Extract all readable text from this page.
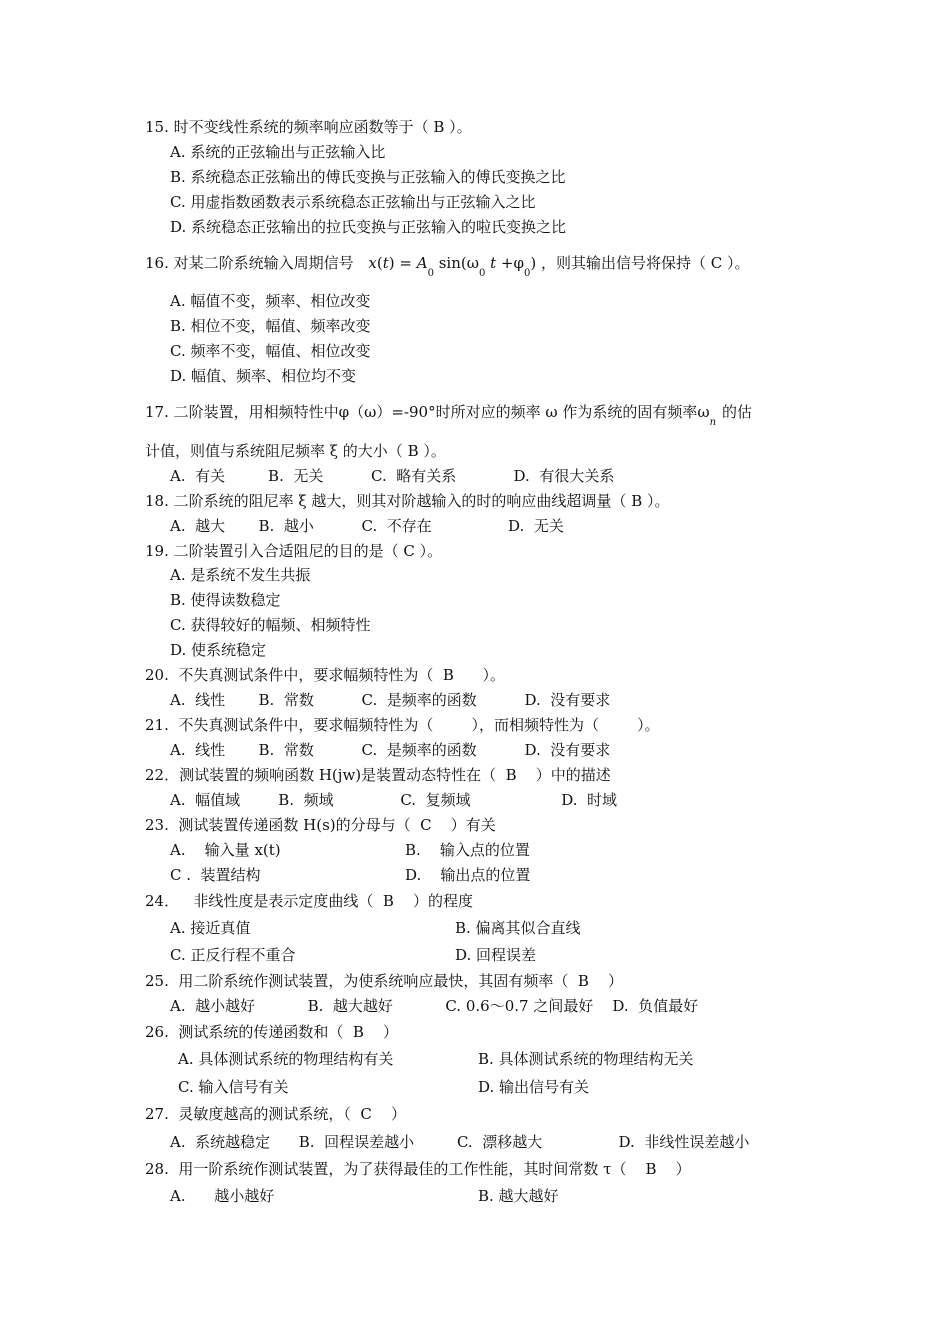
15. 时不变线性系统的频率响应函数等于（ B ）。
A. 系统的正弦输出与正弦输入比
B. 系统稳态正弦输出的傅氏变换与正弦输入的傅氏变换之比
C. 用虚指数函数表示系统稳态正弦输出与正弦输入之比
D. 系统稳态正弦输出的拉氏变换与正弦输入的啦氏变换之比
16. 对某二阶系统输入周期信号 $x(t) = A_0$ $\sin(\omega_0$ $t +\varphi_0$) ，则其输出信号将保持（ C ）。
A. 幅值不变，频率、相位改变
B. 相位不变，幅值、频率改变
C. 频率不变，幅值、相位改变
D. 幅值、频率、相位均不变
17. 二阶装置，用相频特性中φ（ω）=-90°时所对应的频率 ω 作为系统的固有频率$\omega_n$的估
计值，则值与系统阻尼频率 ξ 的大小（ B ）。
A.  有关         B.  无关          C.  略有关系            D.  有很大关系
18. 二阶系统的阻尼率 ξ 越大，则其对阶越输入的时的响应曲线超调量（ B ）。
A.  越大       B.  越小          C.  不存在                D.  无关
19. 二阶装置引入合适阻尼的目的是（ C ）。
A. 是系统不发生共振
B. 使得读数稳定
C. 获得较好的幅频、相频特性
D. 使系统稳定
20.  不失真测试条件中，要求幅频特性为（  B      ）。
A.  线性       B.  常数          C.  是频率的函数          D.  没有要求
21.  不失真测试条件中，要求幅频特性为（        ），而相频特性为（        ）。
A.  线性       B.  常数          C.  是频率的函数          D.  没有要求
22．测试装置的频响函数 H(jw)是装置动态特性在（  B    ）中的描述
A.  幅值域        B.  频域              C.  复频域                   D.  时域
23.  测试装置传递函数 H(s)的分母与（  C    ）有关
A.    输入量 x(t)	B.    输入点的位置
C .  装置结构	D.    输出点的位置
24．   非线性度是表示定度曲线（  B    ）的程度
A. 接近真值	B. 偏离其似合直线
C. 正反行程不重合	D. 回程误差
25.  用二阶系统作测试装置，为使系统响应最快，其固有频率（  B    ）
A.  越小越好           B.  越大越好           C. 0.6～0.7 之间最好    D.  负值最好
26.  测试系统的传递函数和（  B    ）
A. 具体测试系统的物理结构有关	B. 具体测试系统的物理结构无关
C. 输入信号有关	D. 输出信号有关
27.  灵敏度越高的测试系统，（  C    ）
A.  系统越稳定      B.  回程误差越小         C.  漂移越大                D.  非线性误差越小
28.  用一阶系统作测试装置，为了获得最佳的工作性能，其时间常数 τ（    B    ）
A.      越小越好	B. 越大越好
